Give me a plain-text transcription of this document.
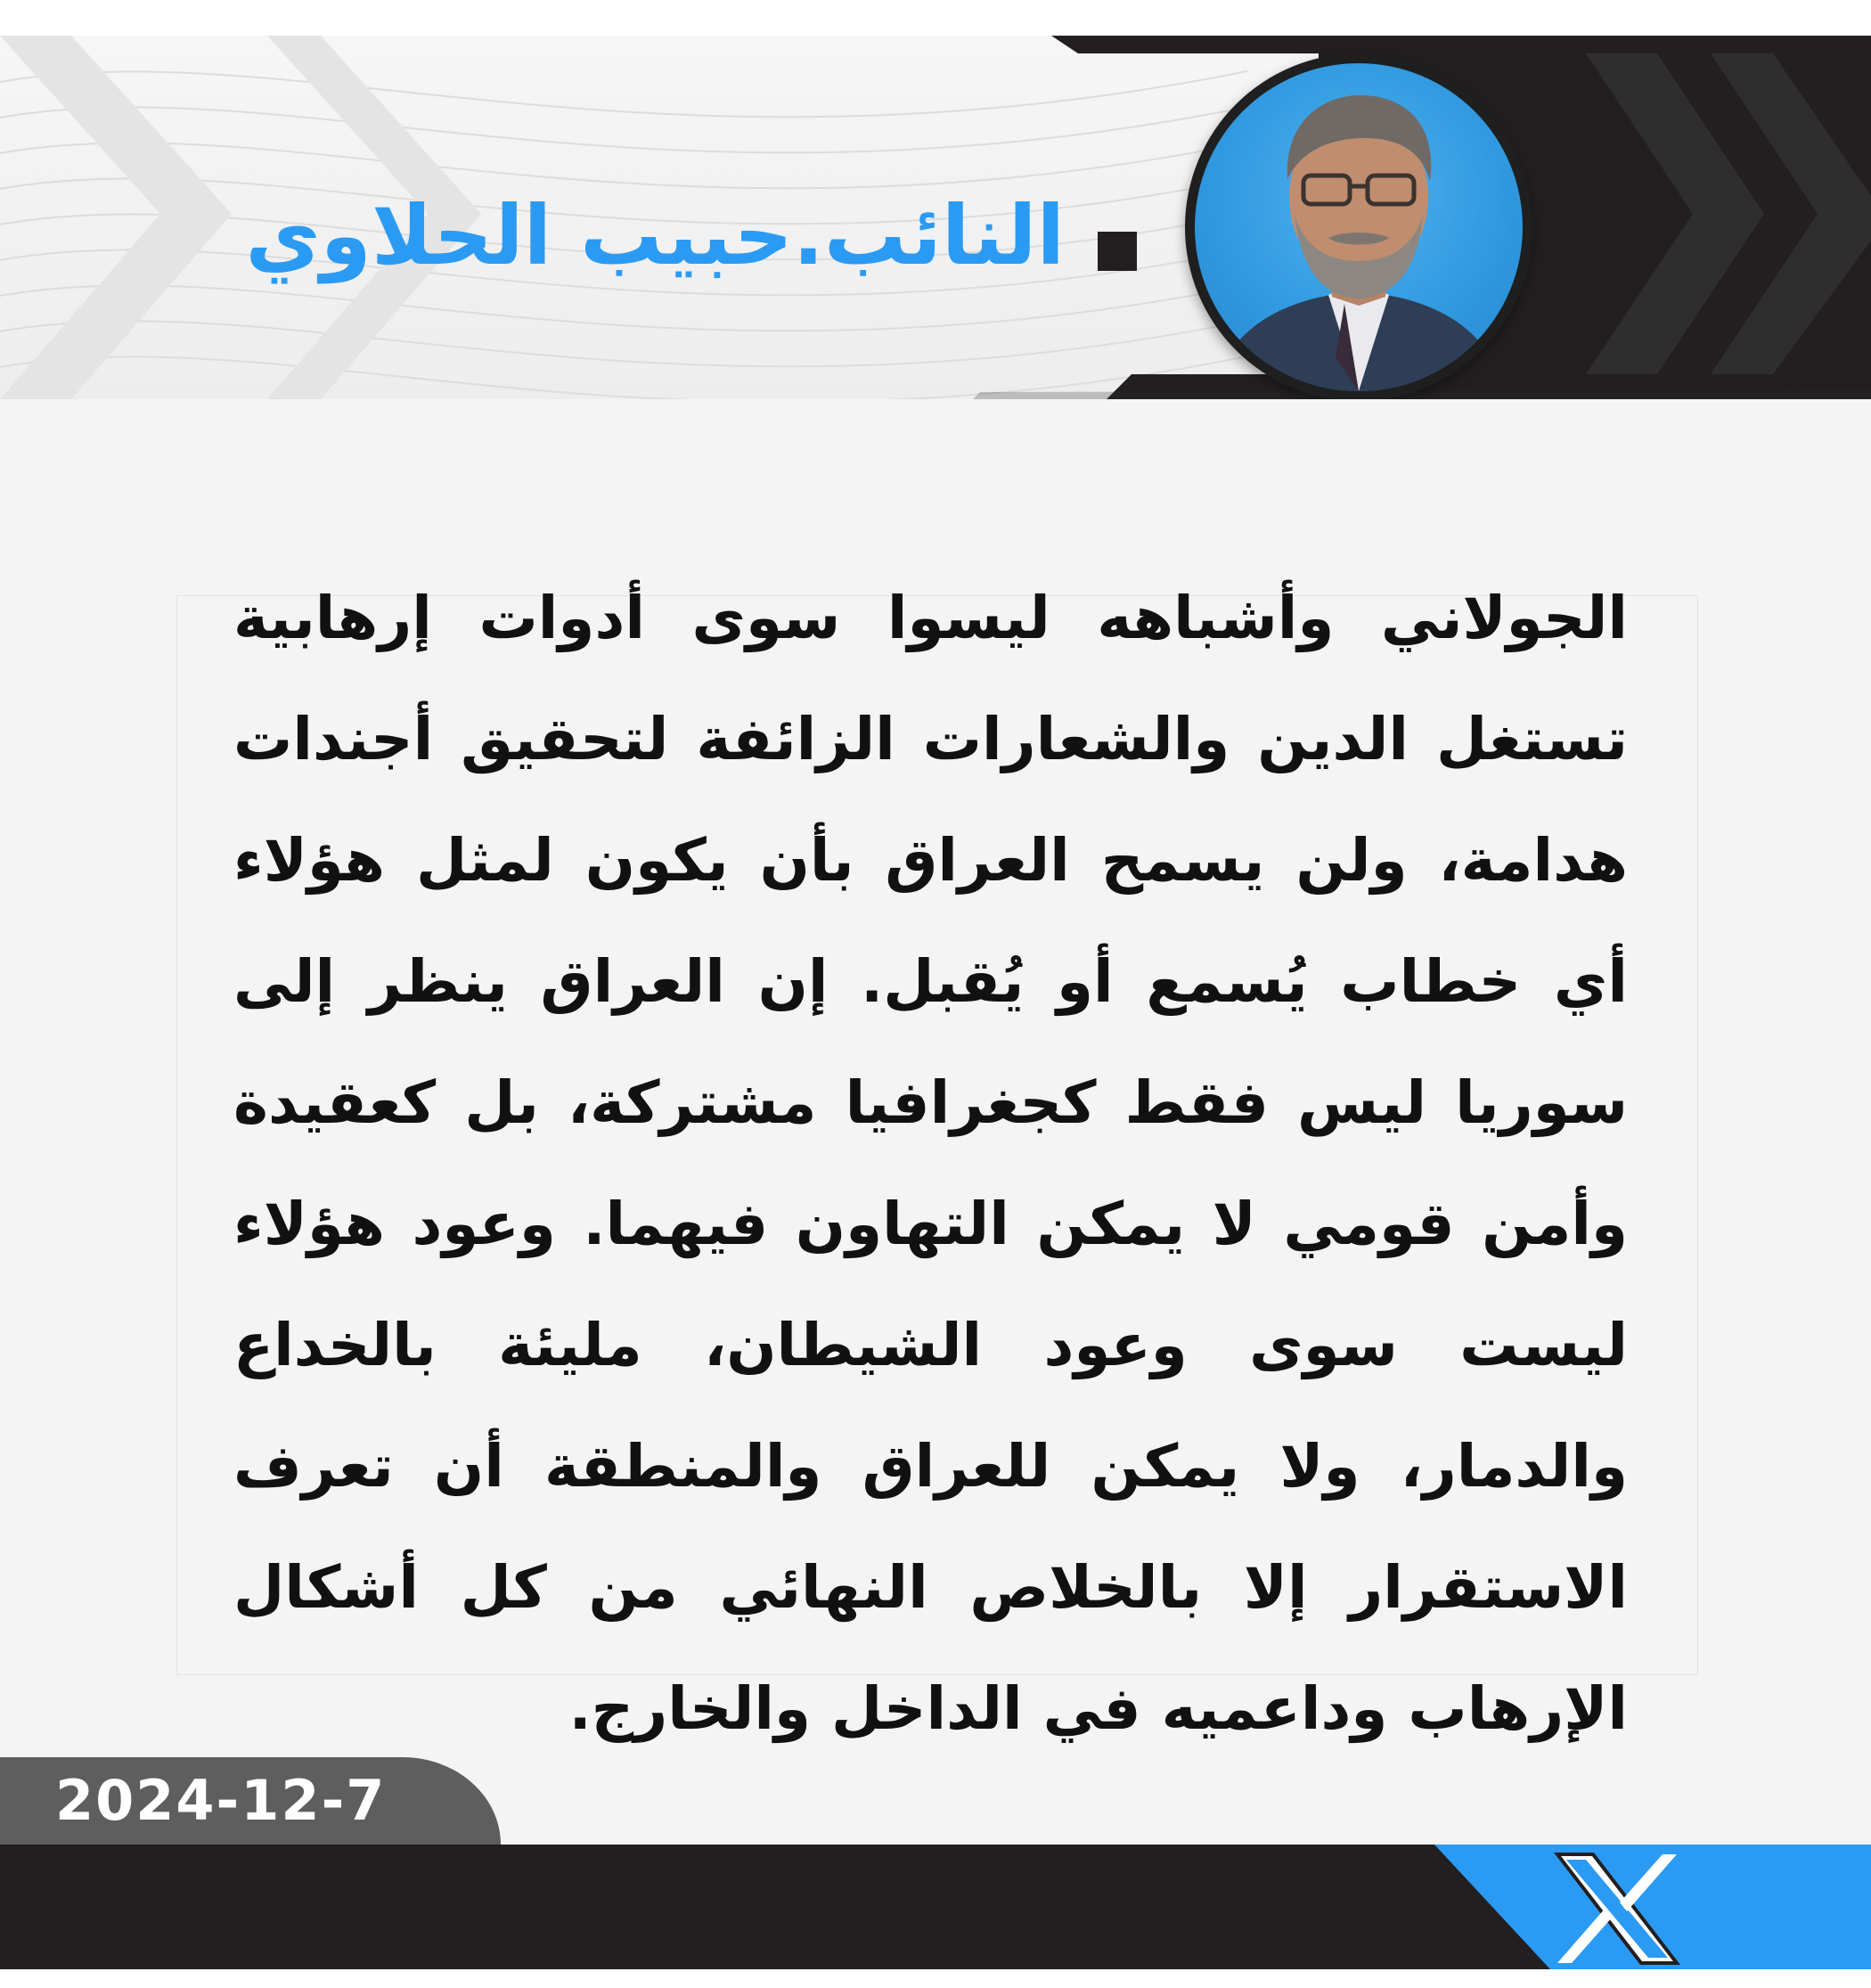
النائب.حبيب الحلاوي
الجولاني وأشباهه ليسوا سوى أدوات إرهابية تستغل الدين والشعارات الزائفة لتحقيق أجندات هدامة، ولن يسمح العراق بأن يكون لمثل هؤلاء أي خطاب يُسمع أو يُقبل. إن العراق ينظر إلى سوريا ليس فقط كجغرافيا مشتركة، بل كعقيدة وأمن قومي لا يمكن التهاون فيهما. وعود هؤلاء ليست سوى وعود الشيطان، مليئة بالخداع والدمار، ولا يمكن للعراق والمنطقة أن تعرف الاستقرار إلا بالخلاص النهائي من كل أشكال الإرهاب وداعميه في الداخل والخارج.
2024-12-7
